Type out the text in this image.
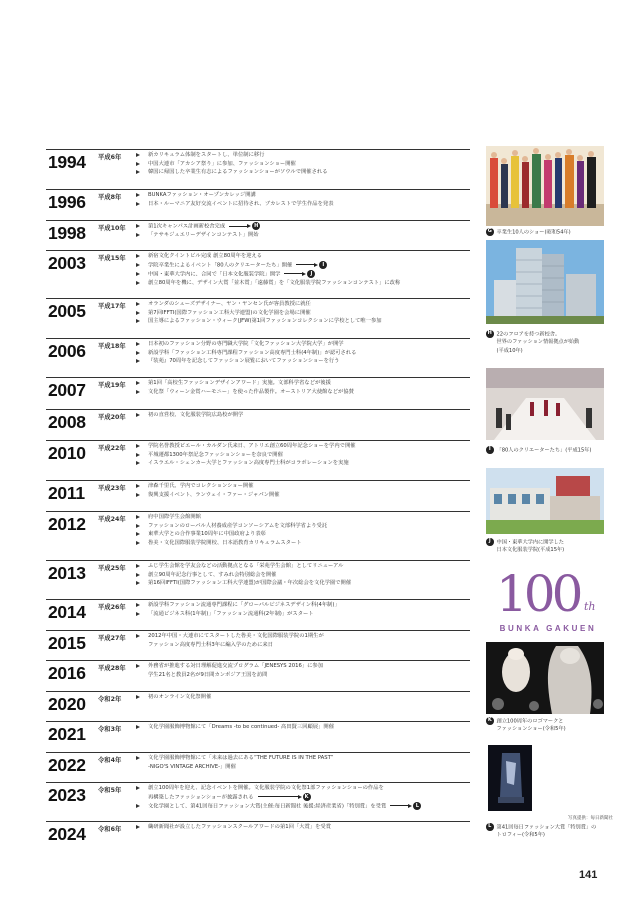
1994 平成6年	新カリキュラム体制をスタートし、単位制に移行
中国大連市「アカシア祭り」に参加、ファッションショー開催
韓国に帰国した卒業生有志によるファッションショーがソウルで開催される
1996 平成8年	BUNKAファッション・オープンカレッジ開講
日本・ルーマニア友好交流イベントに招待され、ブカレストで学生作品を発表
1998 平成10年	第1次キャンパス計画新校舎完成	H
「テサキジュエリーデザインコンテスト」開始
2003 平成15年	新宿文化クイントビル完成 創立80周年を迎える
学院卒業生によるイベント「80人のクリエーターたち」開催	I
中国・東華大学内に、合同で「日本文化服装学院」開学	J
創立80周年を機に、デザイン大賞「並木賞」「遠藤賞」を「文化服装学院ファッションコンテスト」に改称
2005 平成17年	オランダのシューズデザイナー、ヤン・ヤンセン氏が客員教授に就任
第7回IFFTI(国際ファッション工科大学連盟)の文化学園を会場に開催
国主導によるファッション・ウィーク(JFW)第1回ファッションコレクションに学校として唯一参加
2006 平成18年	日本初のファッション分野の専門職大学院「文化ファッション大学院大学」が開学
新設学科「ファッション工科専門課程ファッション高度専門士科(4年制)」が認可される
『装苑』70周年を記念してファッション展覧においてファッションショーを行う
2007 平成19年	第1回「高校生ファッションデザインアワード」実施。文部科学省などが後援
文化祭「ウィーン金賞ハーモニー」を使った作品製作。オーストリア大使館などが協賛
2008 平成20年	初の直営校、文化服装学院広島校が開学
2010 平成22年	学院名誉教授ピエール・カルダン氏来日、アトリエ創立60周年記念ショーを学内で開催
平城遷都1300年祭記念ファッションショーを奈良で開催
イスラエル・シェンカー大学とファッション高度専門士科がコラボレーションを実施
2011 平成23年	津森千里氏、学内でコレクションショー開催
復興支援イベント、ランウェイ・ファー・ジャパン開催
2012 平成24年	府中国際学生会館開館
ファッションのローバル人材養成産学コンソーシアムを文部科学省より受託
東華大学との合作事業10周年に中国政府より表彰
魯美・文化国際服装学院開校、日本語教育カリキュラムスタート
2013 平成25年	ふじ学生会館を学友会などの活動拠点となる「栄苑学生会館」としてリニューアル
創立90周年記念行事として、すみれ会特別総会を開催
第16回IFFTI(国際ファッション工科大学連盟)が国際会議・年次総会を文化学園で開催
2014 平成26年	新設学科ファッション流通専門課程に「グローバルビジネスデザイン科(4年制)」
「流通ビジネス科(1年制)」「ファッション流通科(2年制)」がスタート
2015 平成27年	2012年中国・大連市にてスタートした魯美・文化国際服装学院の1期生が
ファッション高度専門士科3年に編入学のために来日
2016 平成28年	外務省が推進する対日理解促進交流プログラム「JENESYS 2016」に参加
学生21名と教員2名が9日間カンボジア王国を訪問
2020 令和2年	初のオンライン文化祭開催
2021 令和3年	文化学園服飾博物館にて「Dreams -to be continued- 髙田賢三回顧展」開催
2022 令和4年	文化学園服飾博物館にて「未来は過去にある“THE FUTURE IS IN THE PAST”
-NIGO'S VINTAGE ARCHIVE-」開催
2023 令和5年	創立100周年を迎え、記念イベントを開催。文化服装学院の文化祭1部ファッションショーの作品を
再構築したファッションショーが披露される	K
文化学園として、第41回毎日ファッション大賞(主催:毎日新聞社 後援:経済産業省)「特別賞」を受賞	L
2024 令和6年	繊研新聞社が設立したファッションスクールアワードの第1回「大賞」を受賞
G 卒業生10人のショー(昭和54年)
H 22のフロアを持つ新校舎。
世界のファッション情報拠点が始動
(平成10年)
I 「80人のクリエーターたち」(平成15年)
J 中国・東華大学内に開学した
日本文化服装学院(平成15年)
100 th
BUNKA GAKUEN
K 創立100周年のロゴマークと
ファッションショー(令和5年)
写真提供：毎日新聞社
L 第41回毎日ファッション大賞「特別賞」の
トロフィー(令和5年)
141
